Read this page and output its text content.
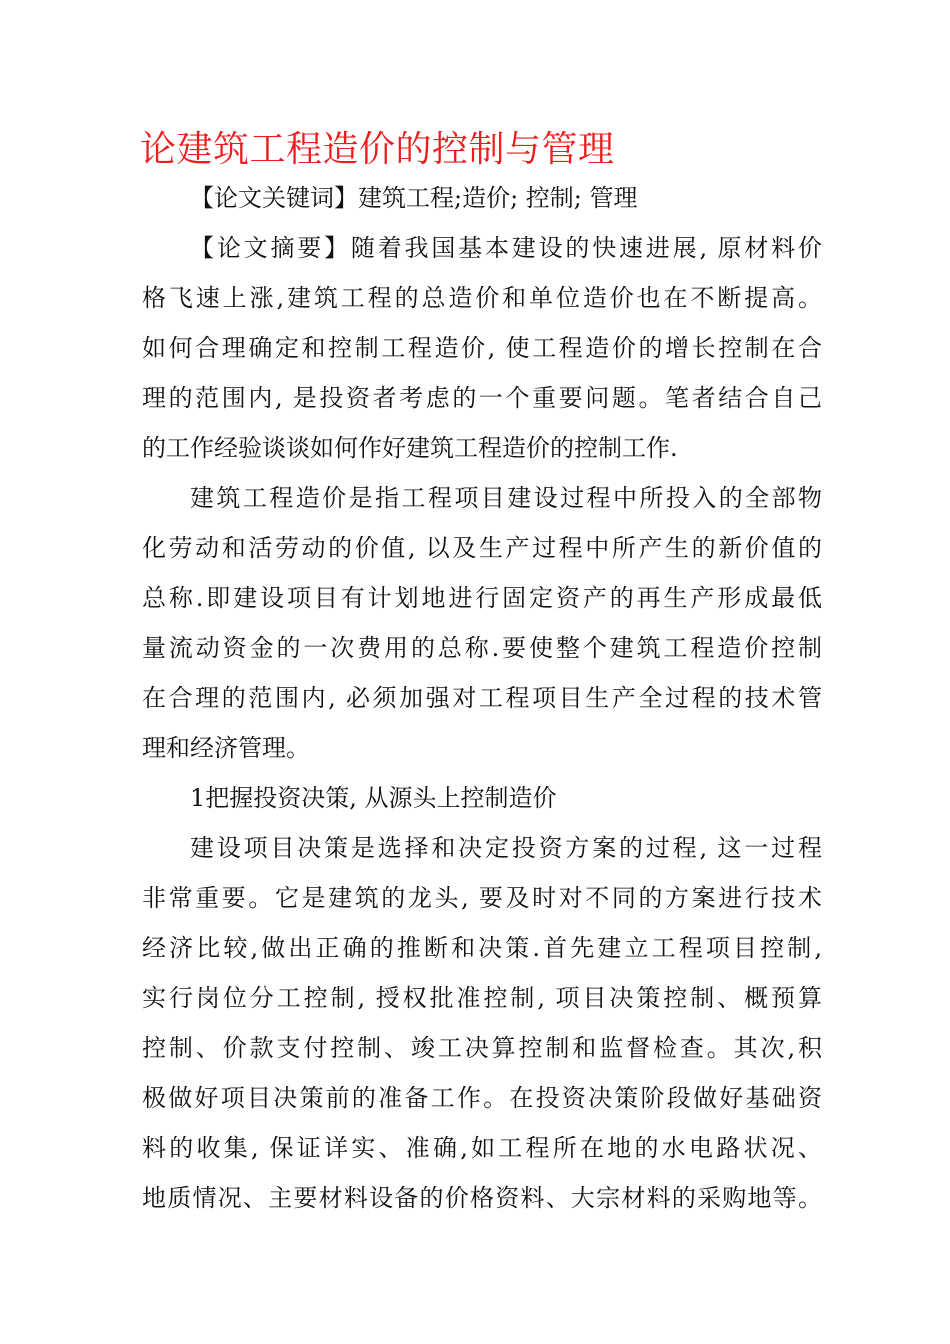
论建筑工程造价的控制与管理
【论文关键词】建筑工程;造价; 控制; 管理
【论文摘要】随着我国基本建设的快速进展, 原材料价
格飞速上涨,建筑工程的总造价和单位造价也在不断提高。
如何合理确定和控制工程造价, 使工程造价的增长控制在合
理的范围内, 是投资者考虑的一个重要问题。笔者结合自己
的工作经验谈谈如何作好建筑工程造价的控制工作.
建筑工程造价是指工程项目建设过程中所投入的全部物
化劳动和活劳动的价值, 以及生产过程中所产生的新价值的
总称.即建设项目有计划地进行固定资产的再生产形成最低
量流动资金的一次费用的总称.要使整个建筑工程造价控制
在合理的范围内, 必须加强对工程项目生产全过程的技术管
理和经济管理。
1把握投资决策, 从源头上控制造价
建设项目决策是选择和决定投资方案的过程, 这一过程
非常重要。它是建筑的龙头, 要及时对不同的方案进行技术
经济比较,做出正确的推断和决策.首先建立工程项目控制,
实行岗位分工控制, 授权批准控制, 项目决策控制、概预算
控制、价款支付控制、竣工决算控制和监督检查。其次,积
极做好项目决策前的准备工作。在投资决策阶段做好基础资
料的收集, 保证详实、准确,如工程所在地的水电路状况、
地质情况、主要材料设备的价格资料、大宗材料的采购地等。
